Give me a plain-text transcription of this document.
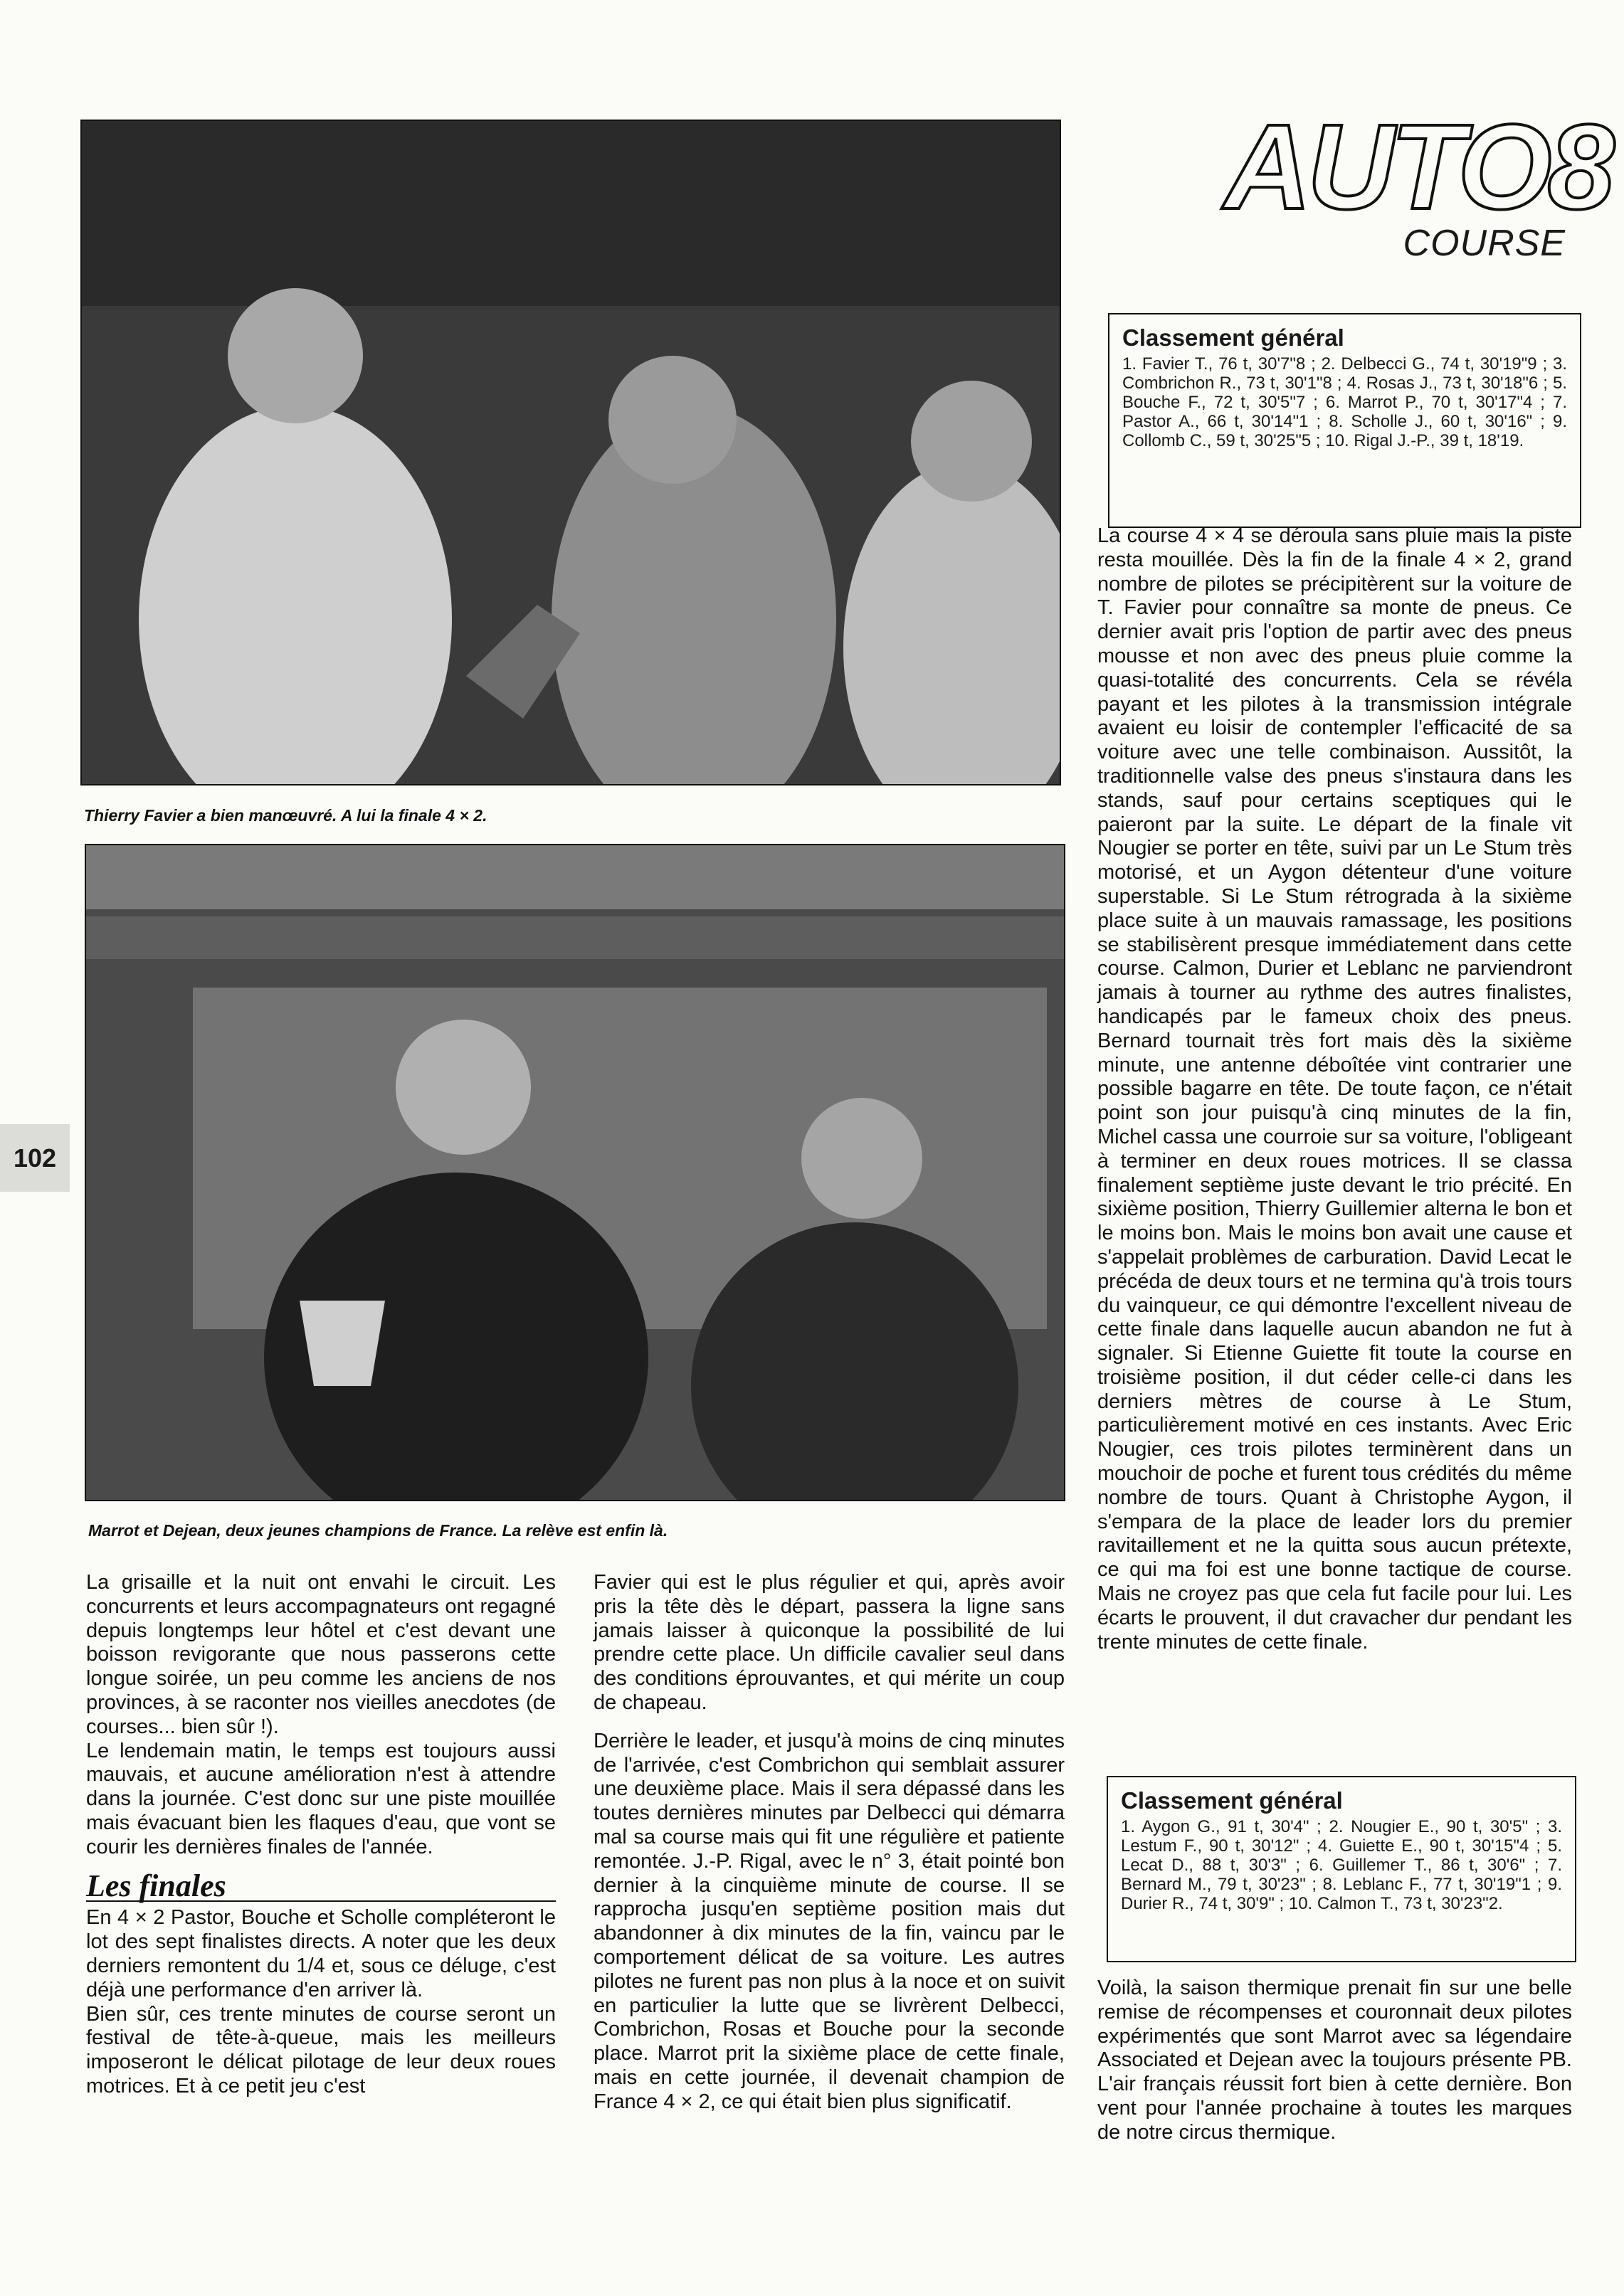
AUTO8
COURSE
102
Thierry Favier a bien manœuvré. A lui la finale 4 × 2.
Marrot et Dejean, deux jeunes champions de France. La relève est enfin là.
Classement général
1. Favier T., 76 t, 30'7"8 ; 2. Delbecci G., 74 t, 30'19"9 ; 3. Combrichon R., 73 t, 30'1"8 ; 4. Rosas J., 73 t, 30'18"6 ; 5. Bouche F., 72 t, 30'5"7 ; 6. Marrot P., 70 t, 30'17"4 ; 7. Pastor A., 66 t, 30'14"1 ; 8. Scholle J., 60 t, 30'16" ; 9. Collomb C., 59 t, 30'25"5 ; 10. Rigal J.-P., 39 t, 18'19.

La course 4 × 4 se déroula sans pluie mais la piste resta mouillée. Dès la fin de la finale 4 × 2, grand nombre de pilotes se précipitèrent sur la voiture de T. Favier pour connaître sa monte de pneus. Ce dernier avait pris l'option de partir avec des pneus mousse et non avec des pneus pluie comme la quasi-totalité des concurrents. Cela se révéla payant et les pilotes à la transmission intégrale avaient eu loisir de contempler l'efficacité de sa voiture avec une telle combinaison. Aussitôt, la traditionnelle valse des pneus s'instaura dans les stands, sauf pour certains sceptiques qui le paieront par la suite. Le départ de la finale vit Nougier se porter en tête, suivi par un Le Stum très motorisé, et un Aygon détenteur d'une voiture superstable. Si Le Stum rétrograda à la sixième place suite à un mauvais ramassage, les positions se stabilisèrent presque immédiatement dans cette course. Calmon, Durier et Leblanc ne parviendront jamais à tourner au rythme des autres finalistes, handicapés par le fameux choix des pneus. Bernard tournait très fort mais dès la sixième minute, une antenne déboîtée vint contrarier une possible bagarre en tête. De toute façon, ce n'était point son jour puisqu'à cinq minutes de la fin, Michel cassa une courroie sur sa voiture, l'obligeant à terminer en deux roues motrices. Il se classa finalement septième juste devant le trio précité. En sixième position, Thierry Guillemier alterna le bon et le moins bon. Mais le moins bon avait une cause et s'appelait problèmes de carburation. David Lecat le précéda de deux tours et ne termina qu'à trois tours du vainqueur, ce qui démontre l'excellent niveau de cette finale dans laquelle aucun abandon ne fut à signaler. Si Etienne Guiette fit toute la course en troisième position, il dut céder celle-ci dans les derniers mètres de course à Le Stum, particulièrement motivé en ces instants. Avec Eric Nougier, ces trois pilotes terminèrent dans un mouchoir de poche et furent tous crédités du même nombre de tours. Quant à Christophe Aygon, il s'empara de la place de leader lors du premier ravitaillement et ne la quitta sous aucun prétexte, ce qui ma foi est une bonne tactique de course. Mais ne croyez pas que cela fut facile pour lui. Les écarts le prouvent, il dut cravacher dur pendant les trente minutes de cette finale.

Classement général
1. Aygon G., 91 t, 30'4" ; 2. Nougier E., 90 t, 30'5" ; 3. Lestum F., 90 t, 30'12" ; 4. Guiette E., 90 t, 30'15"4 ; 5. Lecat D., 88 t, 30'3" ; 6. Guillemer T., 86 t, 30'6" ; 7. Bernard M., 79 t, 30'23" ; 8. Leblanc F., 77 t, 30'19"1 ; 9. Durier R., 74 t, 30'9" ; 10. Calmon T., 73 t, 30'23"2.

Voilà, la saison thermique prenait fin sur une belle remise de récompenses et couronnait deux pilotes expérimentés que sont Marrot avec sa légendaire Associated et Dejean avec la toujours présente PB. L'air français réussit fort bien à cette dernière. Bon vent pour l'année prochaine à toutes les marques de notre circus thermique.

La grisaille et la nuit ont envahi le circuit. Les concurrents et leurs accompagnateurs ont regagné depuis longtemps leur hôtel et c'est devant une boisson revigorante que nous passerons cette longue soirée, un peu comme les anciens de nos provinces, à se raconter nos vieilles anecdotes (de courses... bien sûr !).

Le lendemain matin, le temps est toujours aussi mauvais, et aucune amélioration n'est à attendre dans la journée. C'est donc sur une piste mouillée mais évacuant bien les flaques d'eau, que vont se courir les dernières finales de l'année.

Les finales

En 4 × 2 Pastor, Bouche et Scholle compléteront le lot des sept finalistes directs. A noter que les deux derniers remontent du 1/4 et, sous ce déluge, c'est déjà une performance d'en arriver là.

Bien sûr, ces trente minutes de course seront un festival de tête-à-queue, mais les meilleurs imposeront le délicat pilotage de leur deux roues motrices. Et à ce petit jeu c'est

Favier qui est le plus régulier et qui, après avoir pris la tête dès le départ, passera la ligne sans jamais laisser à quiconque la possibilité de lui prendre cette place. Un difficile cavalier seul dans des conditions éprouvantes, et qui mérite un coup de chapeau.

Derrière le leader, et jusqu'à moins de cinq minutes de l'arrivée, c'est Combrichon qui semblait assurer une deuxième place. Mais il sera dépassé dans les toutes dernières minutes par Delbecci qui démarra mal sa course mais qui fit une régulière et patiente remontée. J.-P. Rigal, avec le n° 3, était pointé bon dernier à la cinquième minute de course. Il se rapprocha jusqu'en septième position mais dut abandonner à dix minutes de la fin, vaincu par le comportement délicat de sa voiture. Les autres pilotes ne furent pas non plus à la noce et on suivit en particulier la lutte que se livrèrent Delbecci, Combrichon, Rosas et Bouche pour la seconde place. Marrot prit la sixième place de cette finale, mais en cette journée, il devenait champion de France 4 × 2, ce qui était bien plus significatif.
